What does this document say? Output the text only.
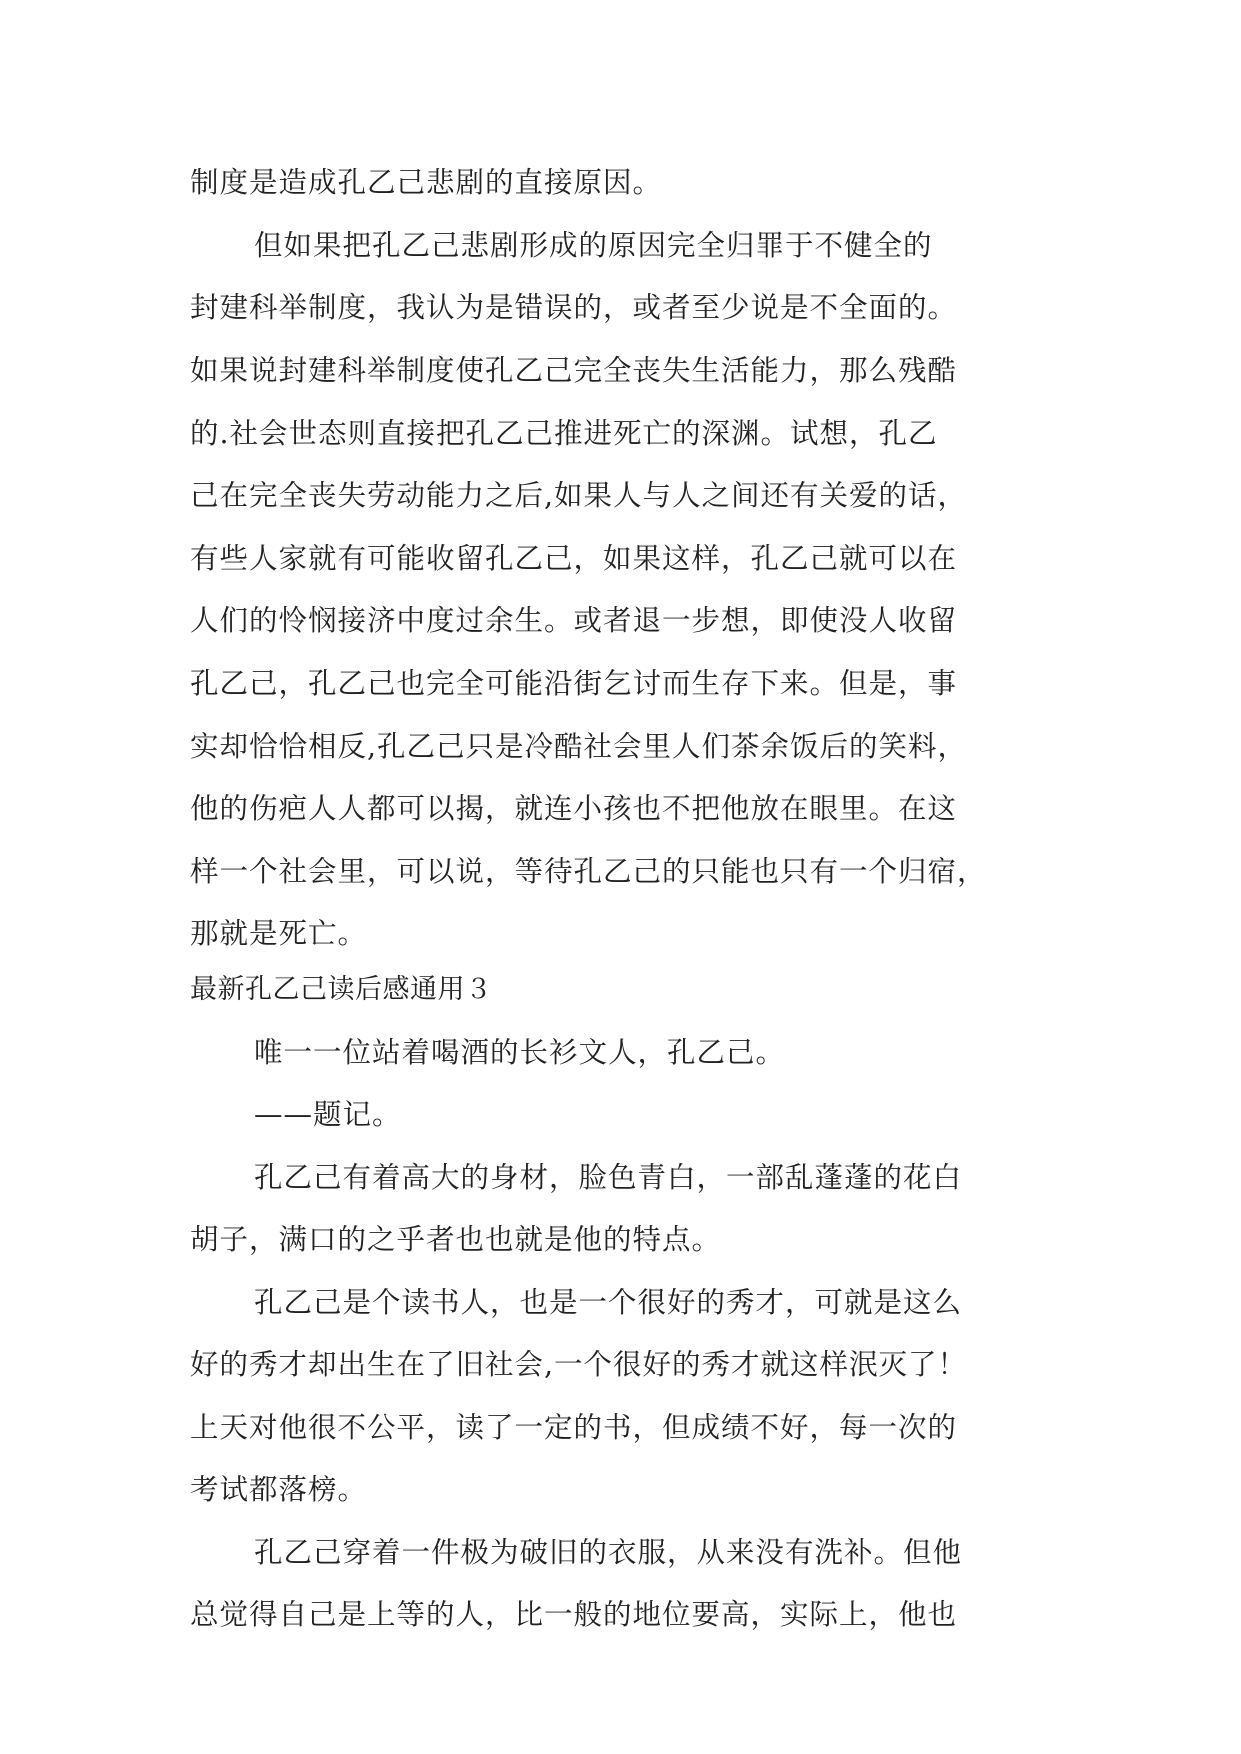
制度是造成孔乙己悲剧的直接原因。
但如果把孔乙己悲剧形成的原因完全归罪于不健全的
封建科举制度，我认为是错误的，或者至少说是不全面的。
如果说封建科举制度使孔乙己完全丧失生活能力，那么残酷
的.社会世态则直接把孔乙己推进死亡的深渊。试想，孔乙
己在完全丧失劳动能力之后,如果人与人之间还有关爱的话，
有些人家就有可能收留孔乙己，如果这样，孔乙己就可以在
人们的怜悯接济中度过余生。或者退一步想，即使没人收留
孔乙己，孔乙己也完全可能沿街乞讨而生存下来。但是，事
实却恰恰相反,孔乙己只是冷酷社会里人们茶余饭后的笑料，
他的伤疤人人都可以揭，就连小孩也不把他放在眼里。在这
样一个社会里，可以说，等待孔乙己的只能也只有一个归宿，
那就是死亡。
最新孔乙己读后感通用３
唯一一位站着喝酒的长衫文人，孔乙己。
——题记。
孔乙己有着高大的身材，脸色青白，一部乱蓬蓬的花白
胡子，满口的之乎者也也就是他的特点。
孔乙己是个读书人，也是一个很好的秀才，可就是这么
好的秀才却出生在了旧社会,一个很好的秀才就这样泯灭了！
上天对他很不公平，读了一定的书，但成绩不好，每一次的
考试都落榜。
孔乙己穿着一件极为破旧的衣服，从来没有洗补。但他
总觉得自己是上等的人，比一般的地位要高，实际上，他也
